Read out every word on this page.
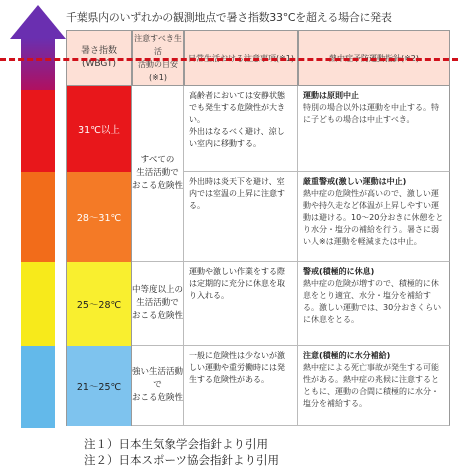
千葉県内のいずれかの観測地点で暑さ指数33°Cを超える場合に発表
暑さ指数
(WBGT)
注意すべき生活
活動の目安(※1)
日常生活おける注意事項(※1)	熱中症予防運動指針(※2)
31℃以上
28～31℃
25～28℃
21～25℃
すべての
生活活動で
おこる危険性
中等度以上の
生活活動で
おこる危険性
強い生活活動で
おこる危険性
高齢者においては安静状態でも発生する危険性が大きい。
外出はなるべく避け、涼しい室内に移動する。
外出時は炎天下を避け、室内では室温の上昇に注意する。
運動や激しい作業をする際は定期的に充分に休息を取り入れる。
一般に危険性は少ないが激しい運動や重労働時には発生する危険性がある。
運動は原則中止
特別の場合以外は運動を中止する。特に子どもの場合は中止すべき。
厳重警戒(激しい運動は中止)
熱中症の危険性が高いので、激しい運動や持久走など体温が上昇しやすい運動は避ける。10～20分おきに休憩をとり水分・塩分の補給を行う。暑さに弱い人※は運動を軽減または中止。
警戒(積極的に休息)
熱中症の危険が増すので、積極的に休息をとり適宜、水分・塩分を補給する。激しい運動では、30分おきくらいに休息をとる。
注意(積極的に水分補給)
熱中症による死亡事故が発生する可能性がある。熱中症の兆候に注意するとともに、運動の合間に積極的に水分・塩分を補給する。
注１）日本生気象学会指針より引用
注２）日本スポーツ協会指針より引用
